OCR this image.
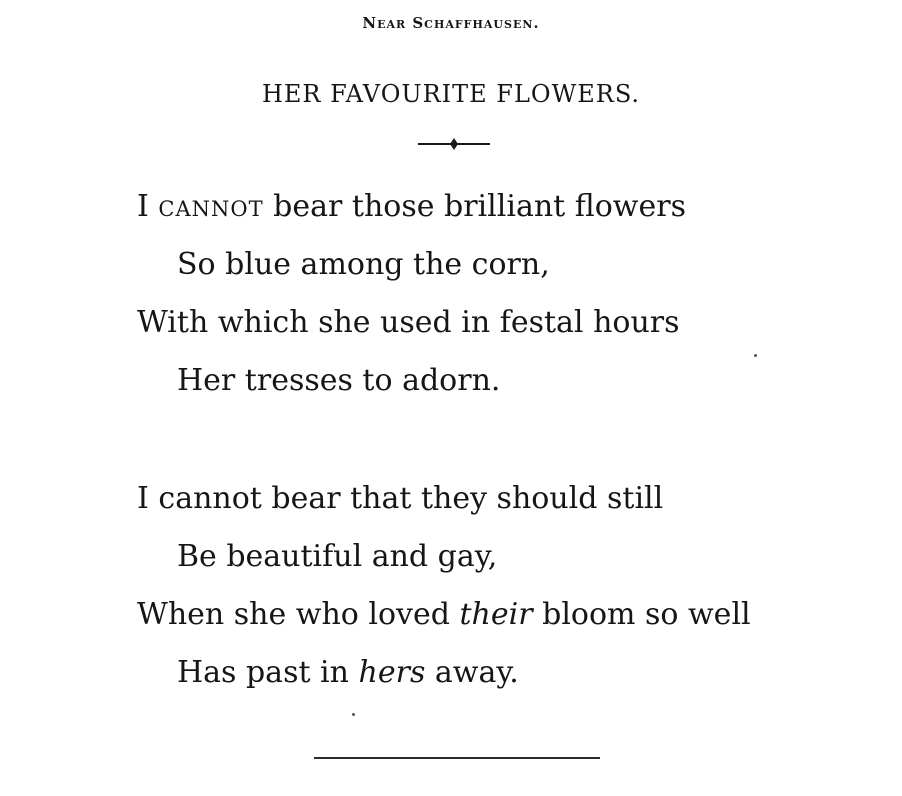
Near Schaffhausen.
HER FAVOURITE FLOWERS.
I cannot bear those brilliant flowers
So blue among the corn,
With which she used in festal hours
Her tresses to adorn.
I cannot bear that they should still
Be beautiful and gay,
When she who loved their bloom so well
Has past in hers away.
